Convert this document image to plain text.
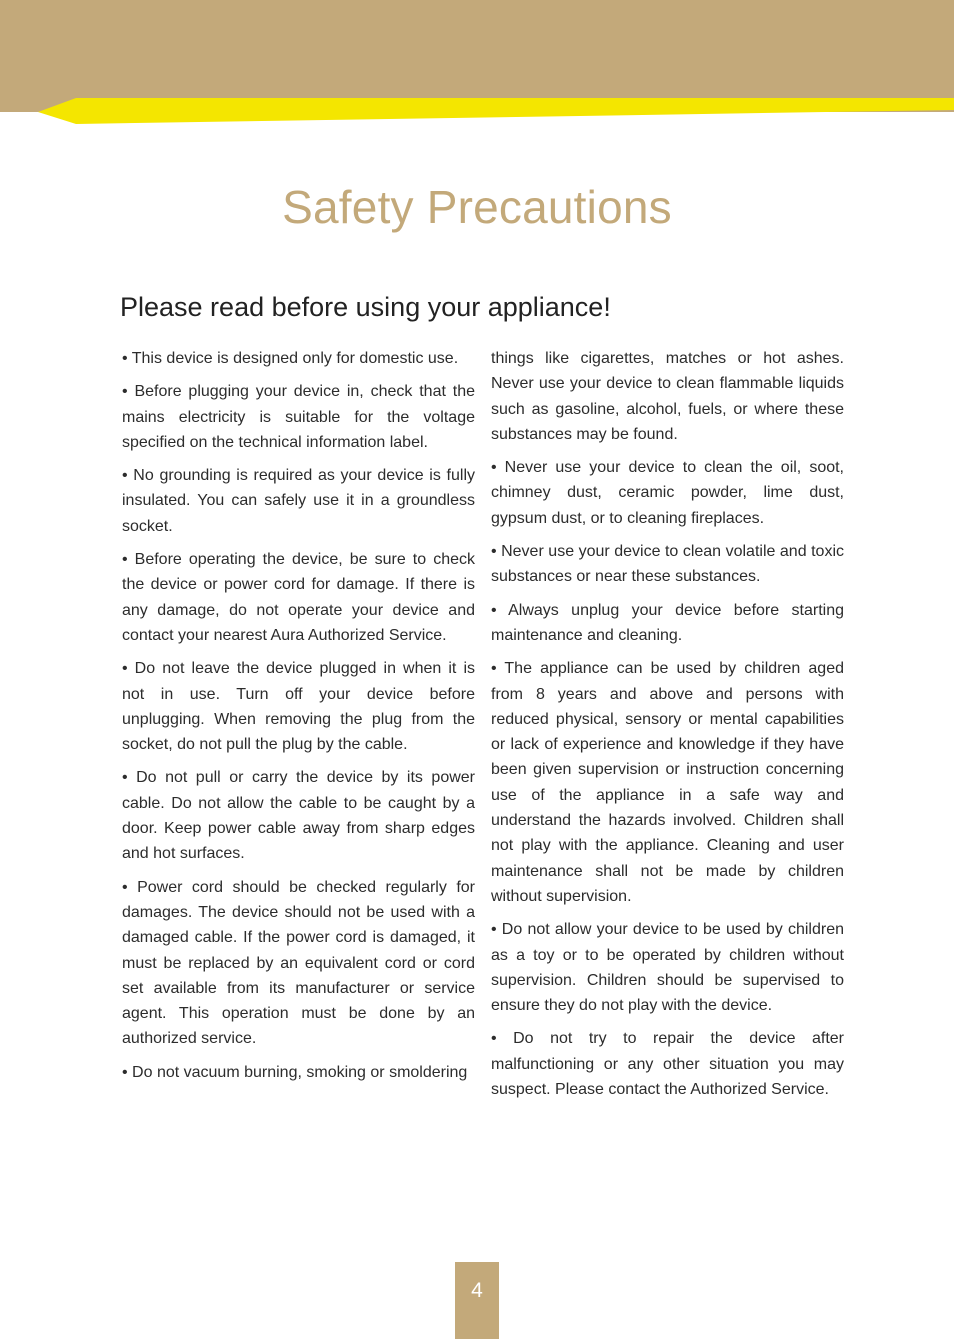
Safety Precautions
Please read before using your appliance!

• This device is designed only for domestic use.

• Before plugging your device in, check that the mains electricity is suitable for the voltage specified on the technical information label.

• No grounding is required as your device is fully insulated. You can safely use it in a groundless socket.

• Before operating the device, be sure to check the device or power cord for damage. If there is any damage, do not operate your device and contact your nearest Aura Authorized Service.

• Do not leave the device plugged in when it is not in use. Turn off your device before unplugging. When removing the plug from the socket, do not pull the plug by the cable.

• Do not pull or carry the device by its power cable. Do not allow the cable to be caught by a door. Keep power cable away from sharp edges and hot surfaces.

• Power cord should be checked regularly for damages. The device should not be used with a damaged cable. If the power cord is damaged, it must be replaced by an equivalent cord or cord set available from its manufacturer or service agent. This operation must be done by an authorized service.

• Do not vacuum burning, smoking or smoldering

things like cigarettes, matches or hot ashes. Never use your device to clean flammable liquids such as gasoline, alcohol, fuels, or where these substances may be found.

• Never use your device to clean the oil, soot, chimney dust, ceramic powder, lime dust, gypsum dust, or to cleaning fireplaces.

• Never use your device to clean volatile and toxic substances or near these substances.

• Always unplug your device before starting maintenance and cleaning.

• The appliance can be used by children aged from 8 years and above and persons with reduced physical, sensory or mental capabilities or lack of experience and knowledge if they have been given supervision or instruction concerning use of the appliance in a safe way and understand the hazards involved. Children shall not play with the appliance. Cleaning and user maintenance shall not be made by children without supervision.

• Do not allow your device to be used by children as a toy or to be operated by children without supervision. Children should be supervised to ensure they do not play with the device.

• Do not try to repair the device after malfunctioning or any other situation you may suspect. Please contact the Authorized Service.

4
